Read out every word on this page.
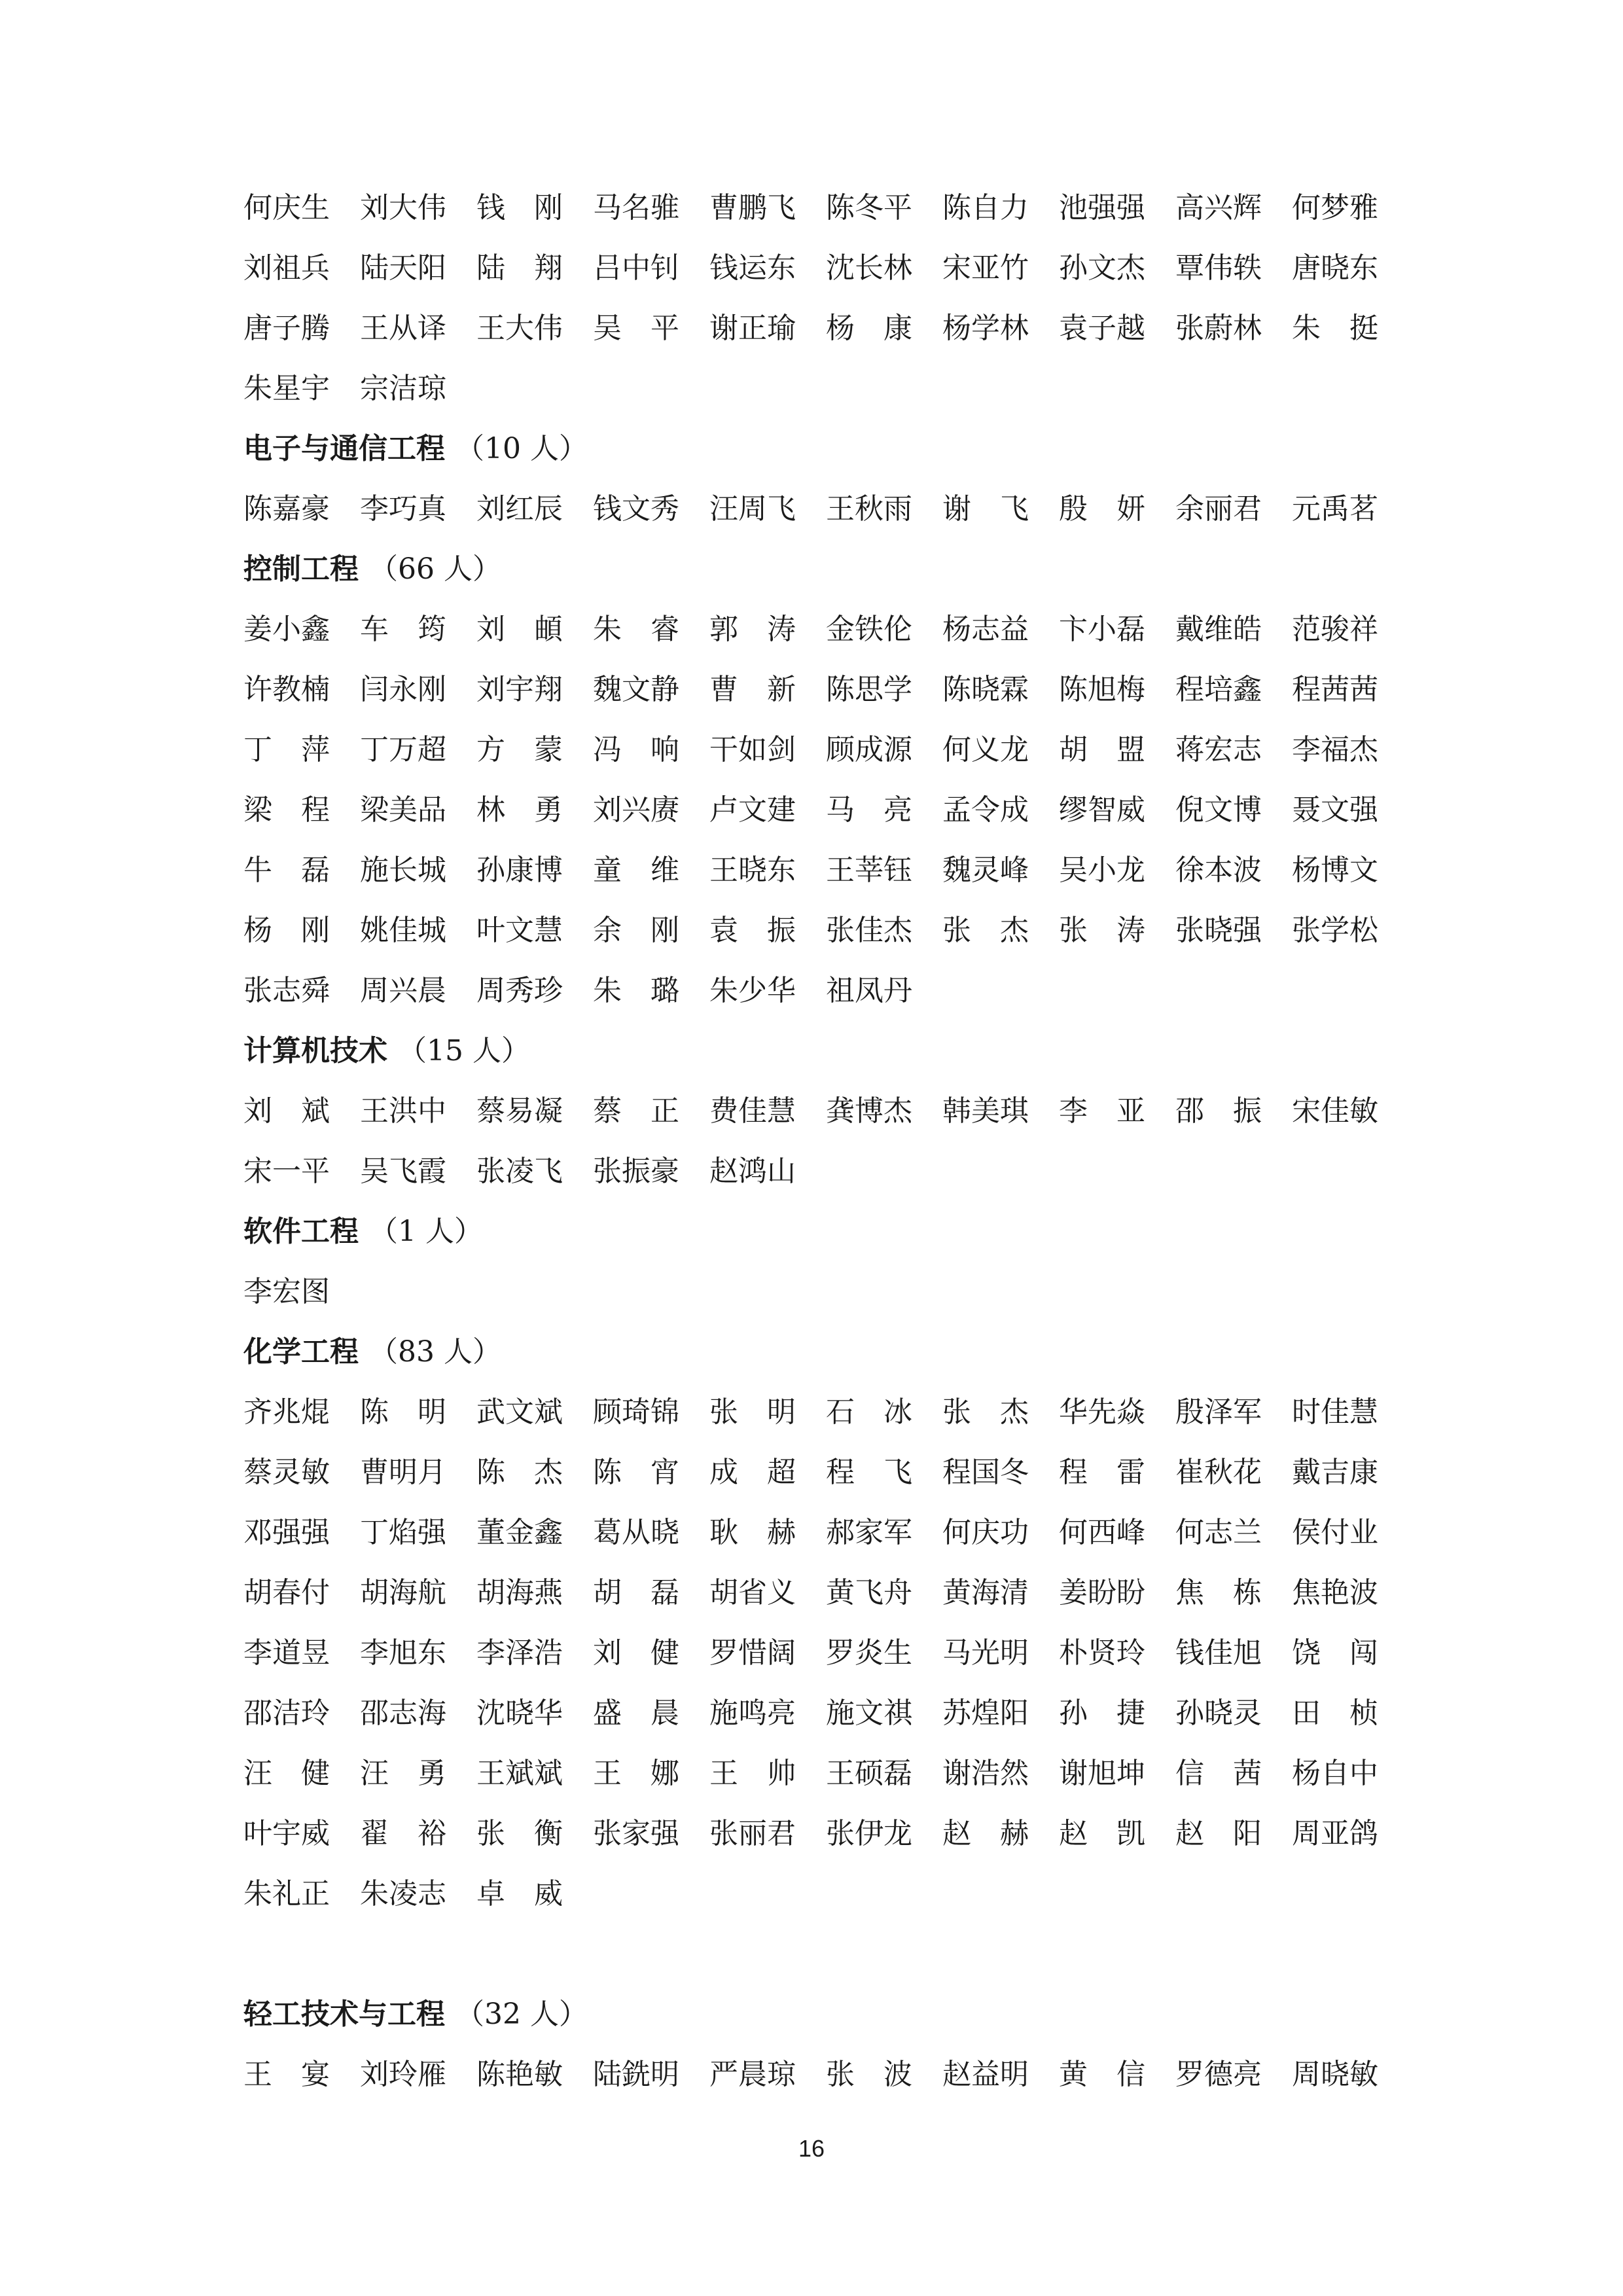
何庆生	刘大伟	钱　刚	马名骓	曹鹏飞	陈冬平	陈自力	池强强	高兴辉	何梦雅
刘祖兵	陆天阳	陆　翔	吕中钊	钱运东	沈长林	宋亚竹	孙文杰	覃伟轶	唐晓东
唐子腾	王从译	王大伟	吴　平	谢正瑜	杨　康	杨学林	袁子越	张蔚林	朱　挺
朱星宇	宗洁琼
电子与通信工程 （10 人）
陈嘉豪	李巧真	刘红辰	钱文秀	汪周飞	王秋雨	谢　飞	殷　妍	余丽君	元禹茗
控制工程 （66 人）
姜小鑫	车　筠	刘　頔	朱　睿	郭　涛	金铁伦	杨志益	卞小磊	戴维皓	范骏祥
许教楠	闫永刚	刘宇翔	魏文静	曹　新	陈思学	陈晓霖	陈旭梅	程培鑫	程茜茜
丁　萍	丁万超	方　蒙	冯　响	干如剑	顾成源	何义龙	胡　盟	蒋宏志	李福杰
梁　程	梁美品	林　勇	刘兴赓	卢文建	马　亮	孟令成	缪智威	倪文博	聂文强
牛　磊	施长城	孙康博	童　维	王晓东	王莘钰	魏灵峰	吴小龙	徐本波	杨博文
杨　刚	姚佳城	叶文慧	余　刚	袁　振	张佳杰	张　杰	张　涛	张晓强	张学松
张志舜	周兴晨	周秀珍	朱　璐	朱少华	祖凤丹
计算机技术 （15 人）
刘　斌	王洪中	蔡易凝	蔡　正	费佳慧	龚博杰	韩美琪	李　亚	邵　振	宋佳敏
宋一平	吴飞霞	张凌飞	张振豪	赵鸿山
软件工程 （1 人）
李宏图
化学工程 （83 人）
齐兆焜	陈　明	武文斌	顾琦锦	张　明	石　冰	张　杰	华先焱	殷泽军	时佳慧
蔡灵敏	曹明月	陈　杰	陈　宵	成　超	程　飞	程国冬	程　雷	崔秋花	戴吉康
邓强强	丁焰强	董金鑫	葛从晓	耿　赫	郝家军	何庆功	何西峰	何志兰	侯付业
胡春付	胡海航	胡海燕	胡　磊	胡省义	黄飞舟	黄海清	姜盼盼	焦　栋	焦艳波
李道昱	李旭东	李泽浩	刘　健	罗惜阔	罗炎生	马光明	朴贤玲	钱佳旭	饶　闯
邵洁玲	邵志海	沈晓华	盛　晨	施鸣亮	施文祺	苏煌阳	孙　捷	孙晓灵	田　桢
汪　健	汪　勇	王斌斌	王　娜	王　帅	王硕磊	谢浩然	谢旭坤	信　茜	杨自中
叶宇威	翟　裕	张　衡	张家强	张丽君	张伊龙	赵　赫	赵　凯	赵　阳	周亚鸽
朱礼正	朱凌志	卓　威
轻工技术与工程 （32 人）
王　宴	刘玲雁	陈艳敏	陆銑明	严晨琼	张　波	赵益明	黄　信	罗德亮	周晓敏
16
